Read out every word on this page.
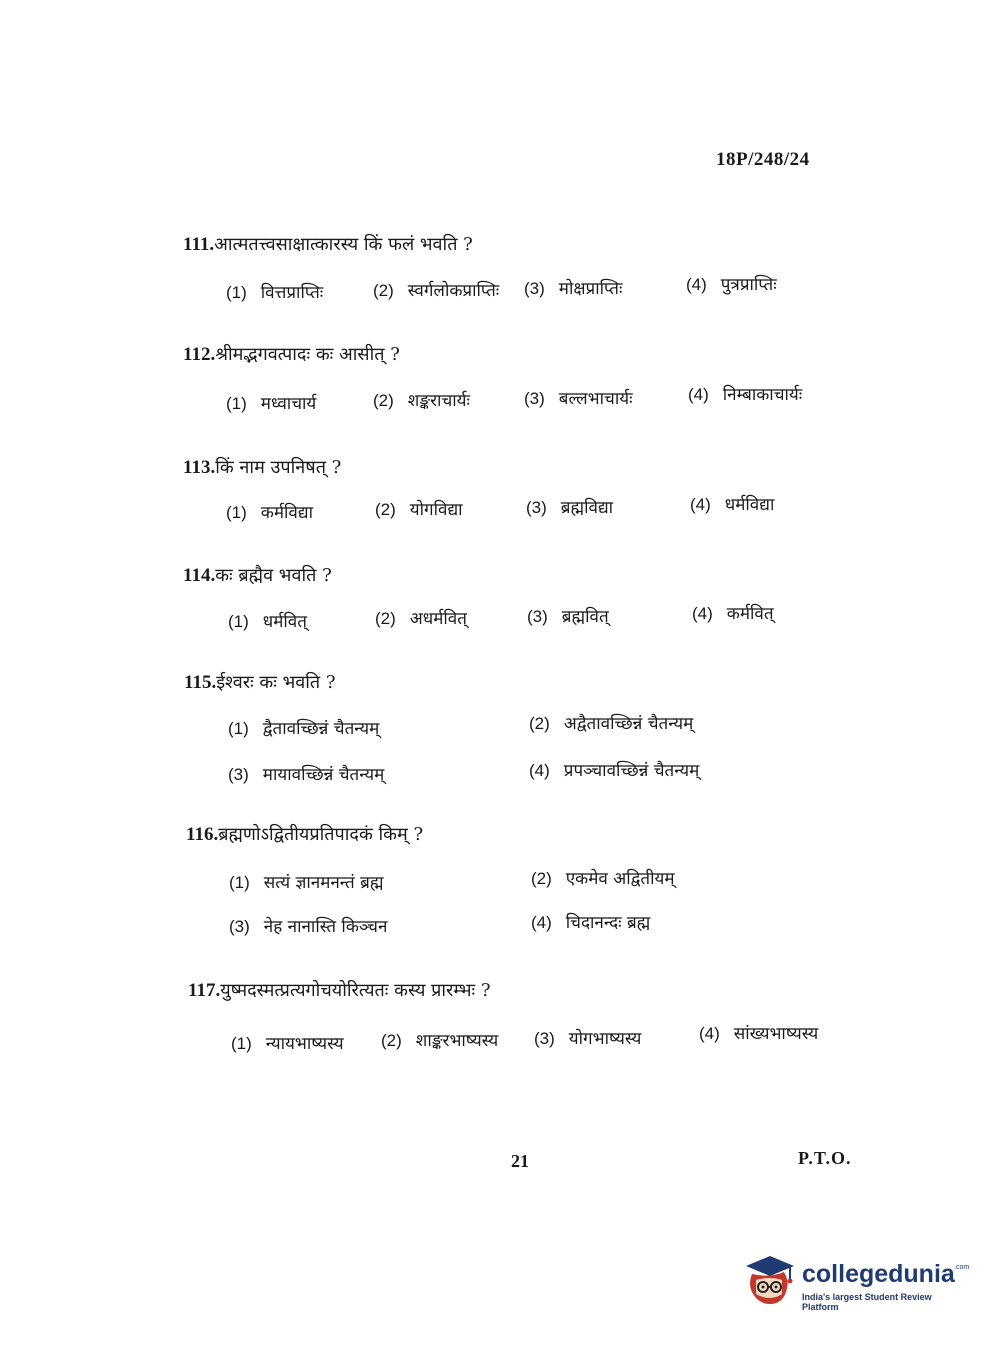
18P/248/24
111.आत्मतत्त्वसाक्षात्कारस्य किं फलं भवति ?
(1) वित्तप्राप्तिः	(2) स्वर्गलोकप्राप्तिः (3) मोक्षप्राप्तिः	(4) पुत्रप्राप्तिः
112.श्रीमद्भगवत्पादः कः आसीत् ?
(1) मध्वाचार्य	(2) शङ्कराचार्यः	(3) बल्लभाचार्यः	(4) निम्बाकाचार्यः
113.किं नाम उपनिषत् ?
(1) कर्मविद्या	(2) योगविद्या	(3) ब्रह्मविद्या	(4) धर्मविद्या
114.कः ब्रह्मैव भवति ?
(1) धर्मवित्	(2) अधर्मवित्	(3) ब्रह्मवित्	(4) कर्मवित्
115.ईश्वरः कः भवति ?
(1) द्वैतावच्छिन्नं चैतन्यम्	(2) अद्वैतावच्छिन्नं चैतन्यम्
(3) मायावच्छिन्नं चैतन्यम्	(4) प्रपञ्चावच्छिन्नं चैतन्यम्
116.ब्रह्मणोऽद्वितीयप्रतिपादकं किम् ?
(1) सत्यं ज्ञानमनन्तं ब्रह्म	(2) एकमेव अद्वितीयम्
(3) नेह नानास्ति किञ्चन	(4) चिदानन्दः ब्रह्म
117.युष्मदस्मत्प्रत्यगोचयोरित्यतः कस्य प्रारम्भः ?
(1) न्यायभाष्यस्य (2) शाङ्करभाष्यस्य (3) योगभाष्यस्य	(4) सांख्यभाष्यस्य
21	P.T.O.
collegedunia .com
India's largest Student Review Platform
